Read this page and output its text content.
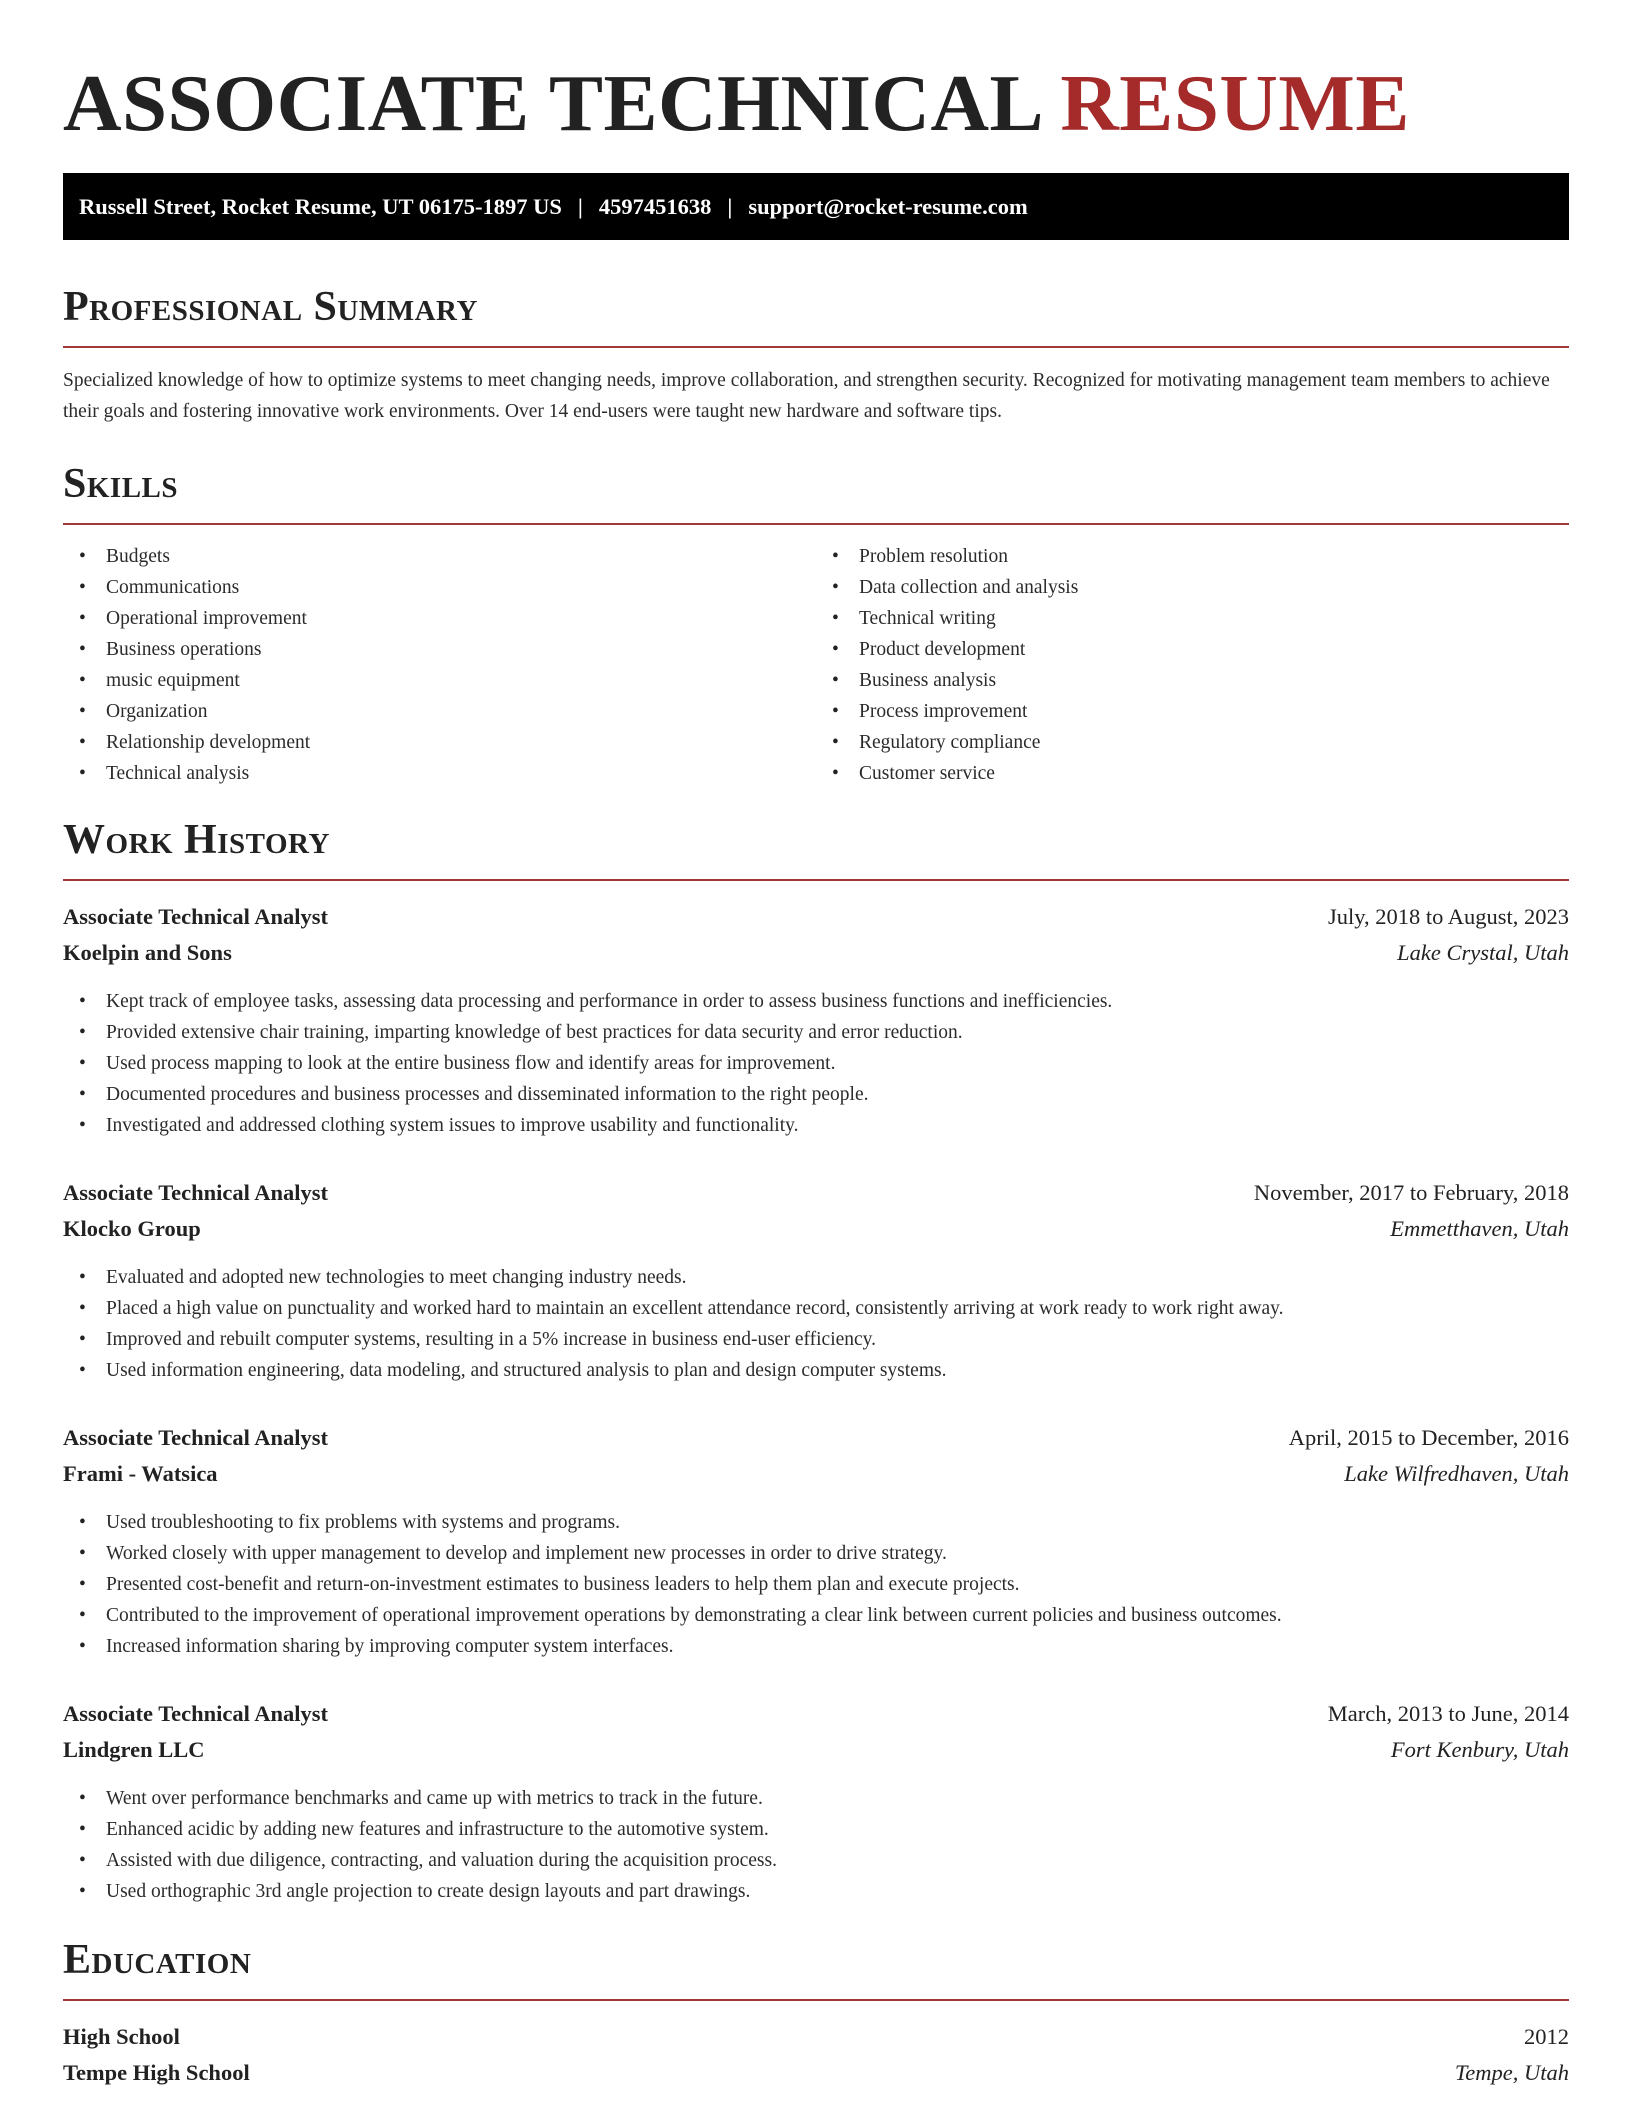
ASSOCIATE TECHNICAL RESUME
Russell Street, Rocket Resume, UT 06175-1897 US | 4597451638 | support@rocket-resume.com
Professional Summary

Specialized knowledge of how to optimize systems to meet changing needs, improve collaboration, and strengthen security. Recognized for motivating management team members to achieve their goals and fostering innovative work environments. Over 14 end-users were taught new hardware and software tips.

Skills
• Budgets
• Communications
• Operational improvement
• Business operations
• music equipment
• Organization
• Relationship development
• Technical analysis
• Problem resolution
• Data collection and analysis
• Technical writing
• Product development
• Business analysis
• Process improvement
• Regulatory compliance
• Customer service
Work History
Associate Technical Analyst	July, 2018 to August, 2023
Koelpin and Sons	Lake Crystal, Utah
• Kept track of employee tasks, assessing data processing and performance in order to assess business functions and inefficiencies.
• Provided extensive chair training, imparting knowledge of best practices for data security and error reduction.
• Used process mapping to look at the entire business flow and identify areas for improvement.
• Documented procedures and business processes and disseminated information to the right people.
• Investigated and addressed clothing system issues to improve usability and functionality.
Associate Technical Analyst	November, 2017 to February, 2018
Klocko Group	Emmetthaven, Utah
• Evaluated and adopted new technologies to meet changing industry needs.
• Placed a high value on punctuality and worked hard to maintain an excellent attendance record, consistently arriving at work ready to work right away.
• Improved and rebuilt computer systems, resulting in a 5% increase in business end-user efficiency.
• Used information engineering, data modeling, and structured analysis to plan and design computer systems.
Associate Technical Analyst	April, 2015 to December, 2016
Frami - Watsica	Lake Wilfredhaven, Utah
• Used troubleshooting to fix problems with systems and programs.
• Worked closely with upper management to develop and implement new processes in order to drive strategy.
• Presented cost-benefit and return-on-investment estimates to business leaders to help them plan and execute projects.
• Contributed to the improvement of operational improvement operations by demonstrating a clear link between current policies and business outcomes.
• Increased information sharing by improving computer system interfaces.
Associate Technical Analyst	March, 2013 to June, 2014
Lindgren LLC	Fort Kenbury, Utah
• Went over performance benchmarks and came up with metrics to track in the future.
• Enhanced acidic by adding new features and infrastructure to the automotive system.
• Assisted with due diligence, contracting, and valuation during the acquisition process.
• Used orthographic 3rd angle projection to create design layouts and part drawings.
Education
High School	2012
Tempe High School	Tempe, Utah
